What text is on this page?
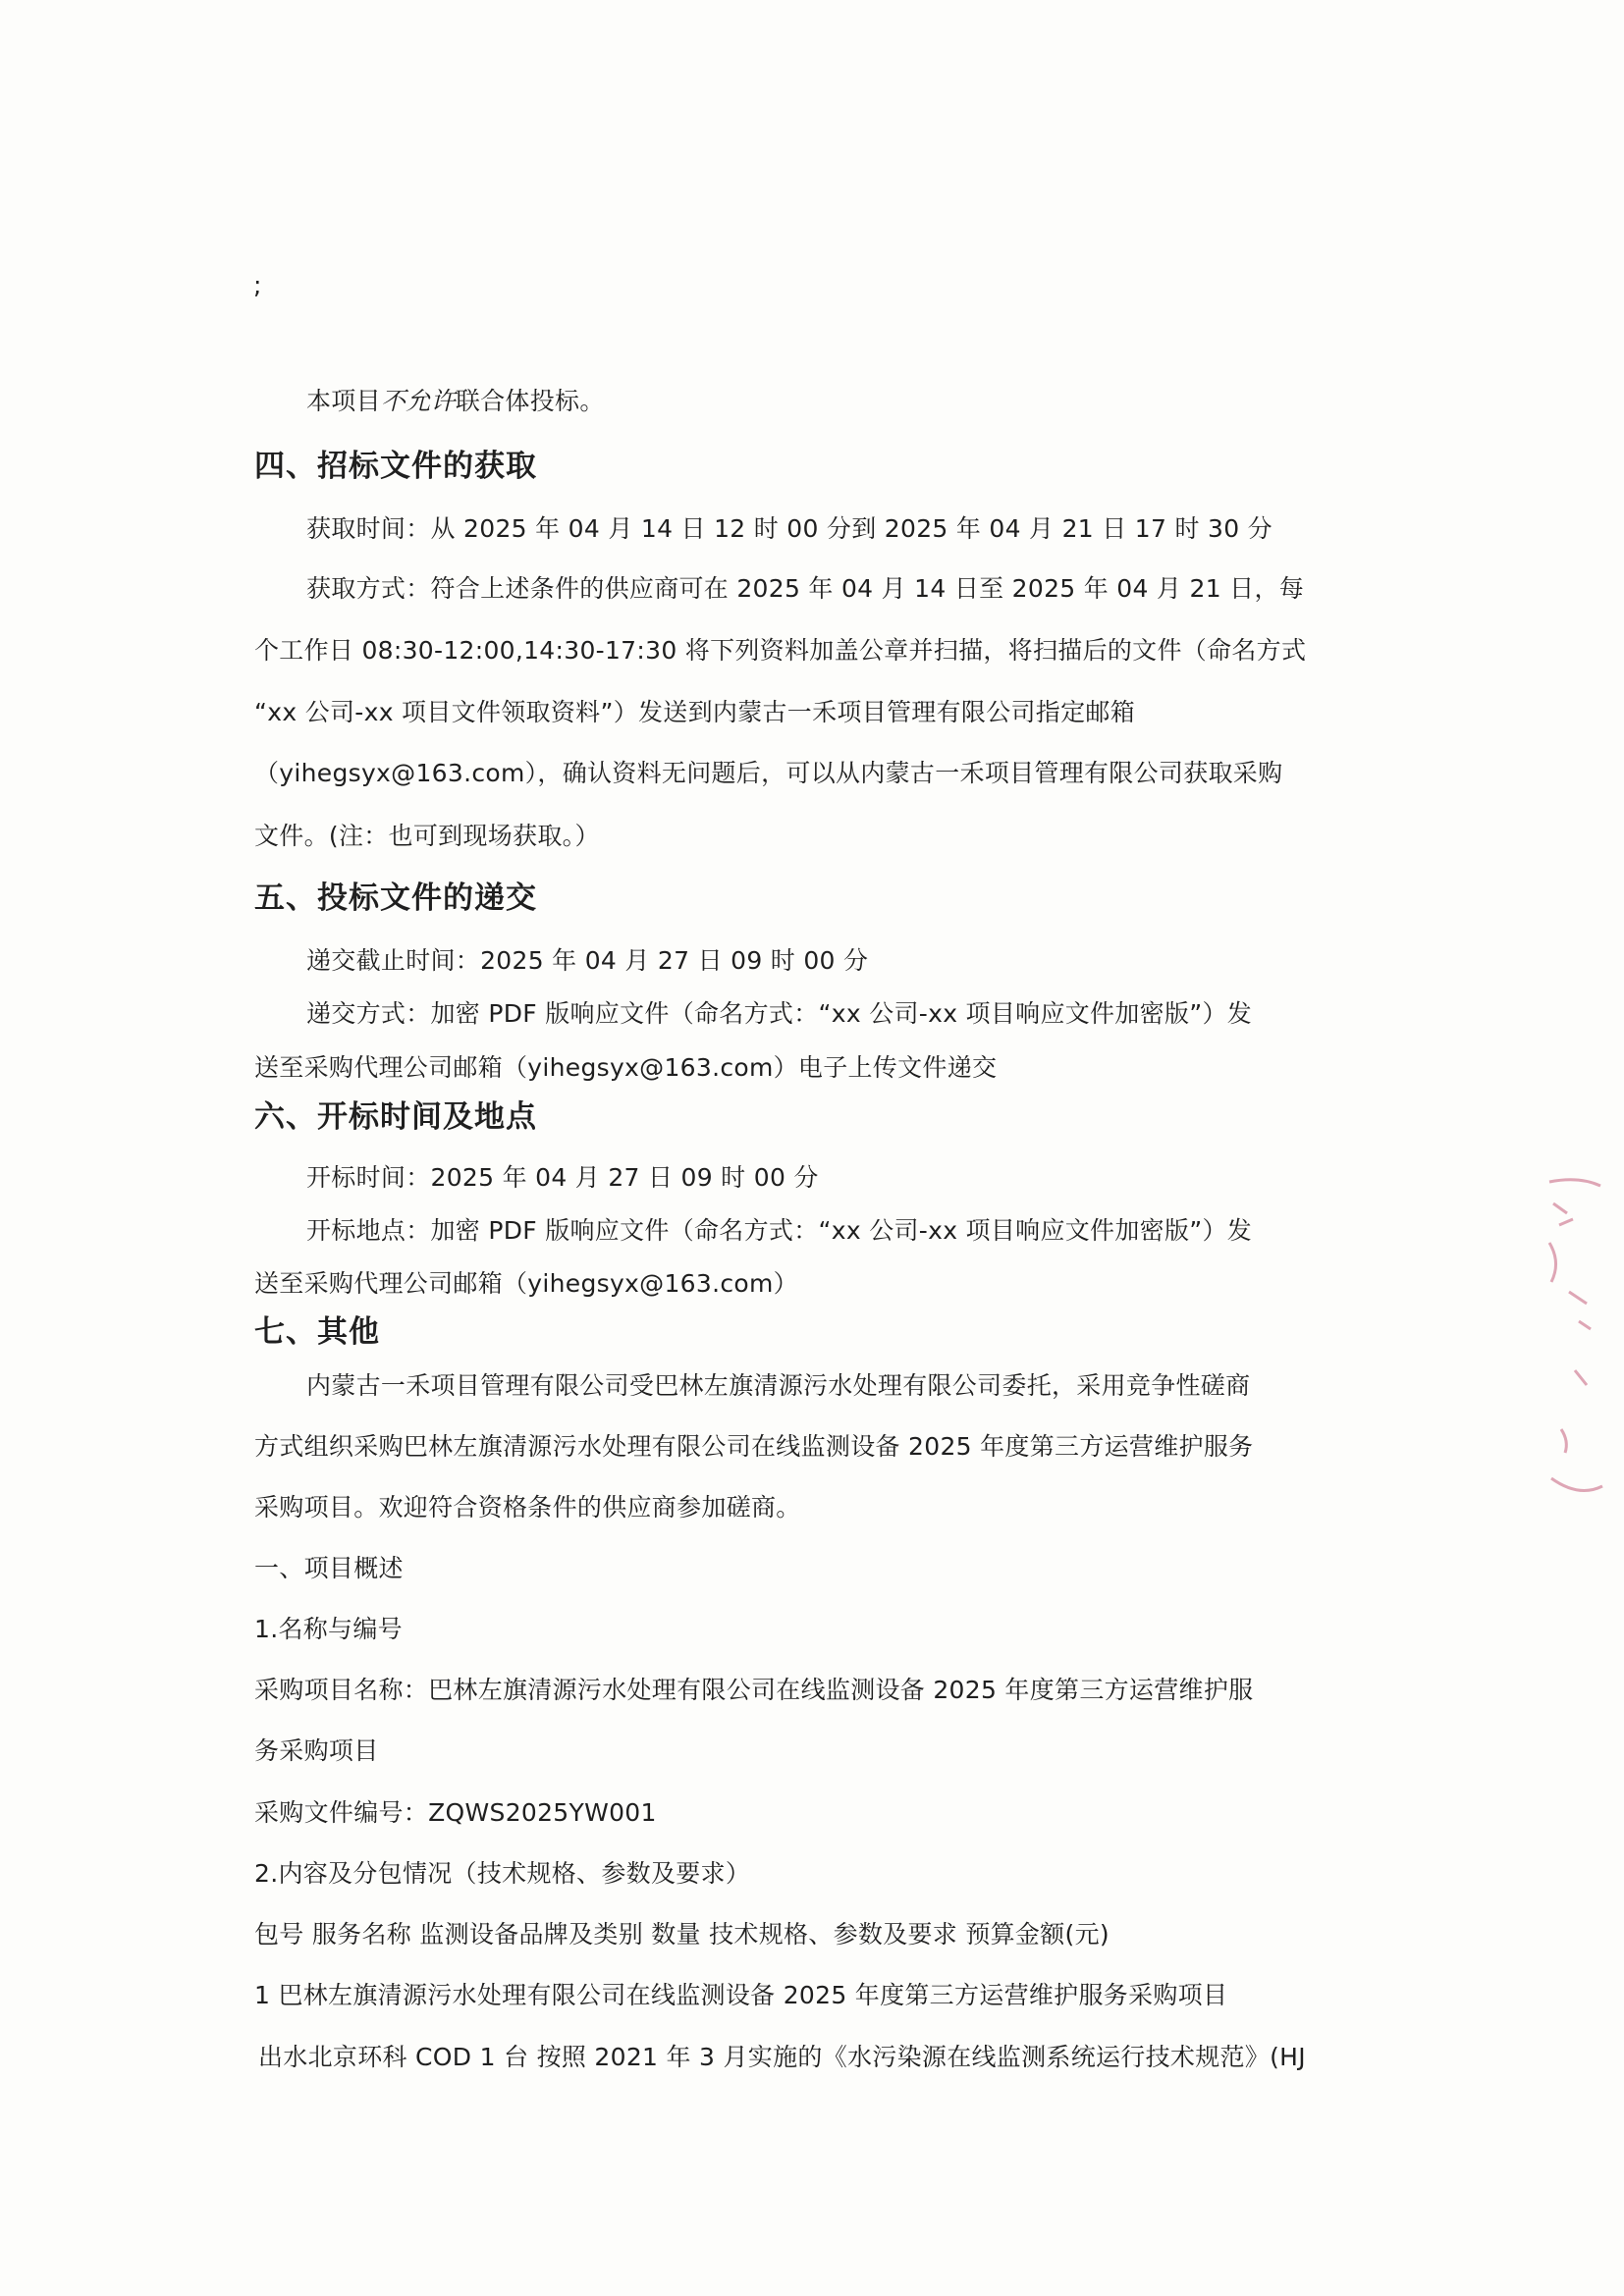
;
本项目不允许联合体投标。
四、招标文件的获取
获取时间：从 2025 年 04 月 14 日 12 时 00 分到 2025 年 04 月 21 日 17 时 30 分
获取方式：符合上述条件的供应商可在 2025 年 04 月 14 日至 2025 年 04 月 21 日，每
个工作日 08:30-12:00,14:30-17:30 将下列资料加盖公章并扫描，将扫描后的文件（命名方式
“xx 公司-xx 项目文件领取资料”）发送到内蒙古一禾项目管理有限公司指定邮箱
（yihegsyx@163.com），确认资料无问题后，可以从内蒙古一禾项目管理有限公司获取采购
文件。(注：也可到现场获取。）
五、投标文件的递交
递交截止时间：2025 年 04 月 27 日 09 时 00 分
递交方式：加密 PDF 版响应文件（命名方式：“xx 公司-xx 项目响应文件加密版”）发
送至采购代理公司邮箱（yihegsyx@163.com）电子上传文件递交
六、开标时间及地点
开标时间：2025 年 04 月 27 日 09 时 00 分
开标地点：加密 PDF 版响应文件（命名方式：“xx 公司-xx 项目响应文件加密版”）发
送至采购代理公司邮箱（yihegsyx@163.com）
七、其他
内蒙古一禾项目管理有限公司受巴林左旗清源污水处理有限公司委托，采用竞争性磋商
方式组织采购巴林左旗清源污水处理有限公司在线监测设备 2025 年度第三方运营维护服务
采购项目。欢迎符合资格条件的供应商参加磋商。
一、项目概述
1.名称与编号
采购项目名称：巴林左旗清源污水处理有限公司在线监测设备 2025 年度第三方运营维护服
务采购项目
采购文件编号：ZQWS2025YW001
2.内容及分包情况（技术规格、参数及要求）
包号 服务名称 监测设备品牌及类别 数量 技术规格、参数及要求 预算金额(元)
1 巴林左旗清源污水处理有限公司在线监测设备 2025 年度第三方运营维护服务采购项目
出水北京环科 COD 1 台 按照 2021 年 3 月实施的《水污染源在线监测系统运行技术规范》(HJ
